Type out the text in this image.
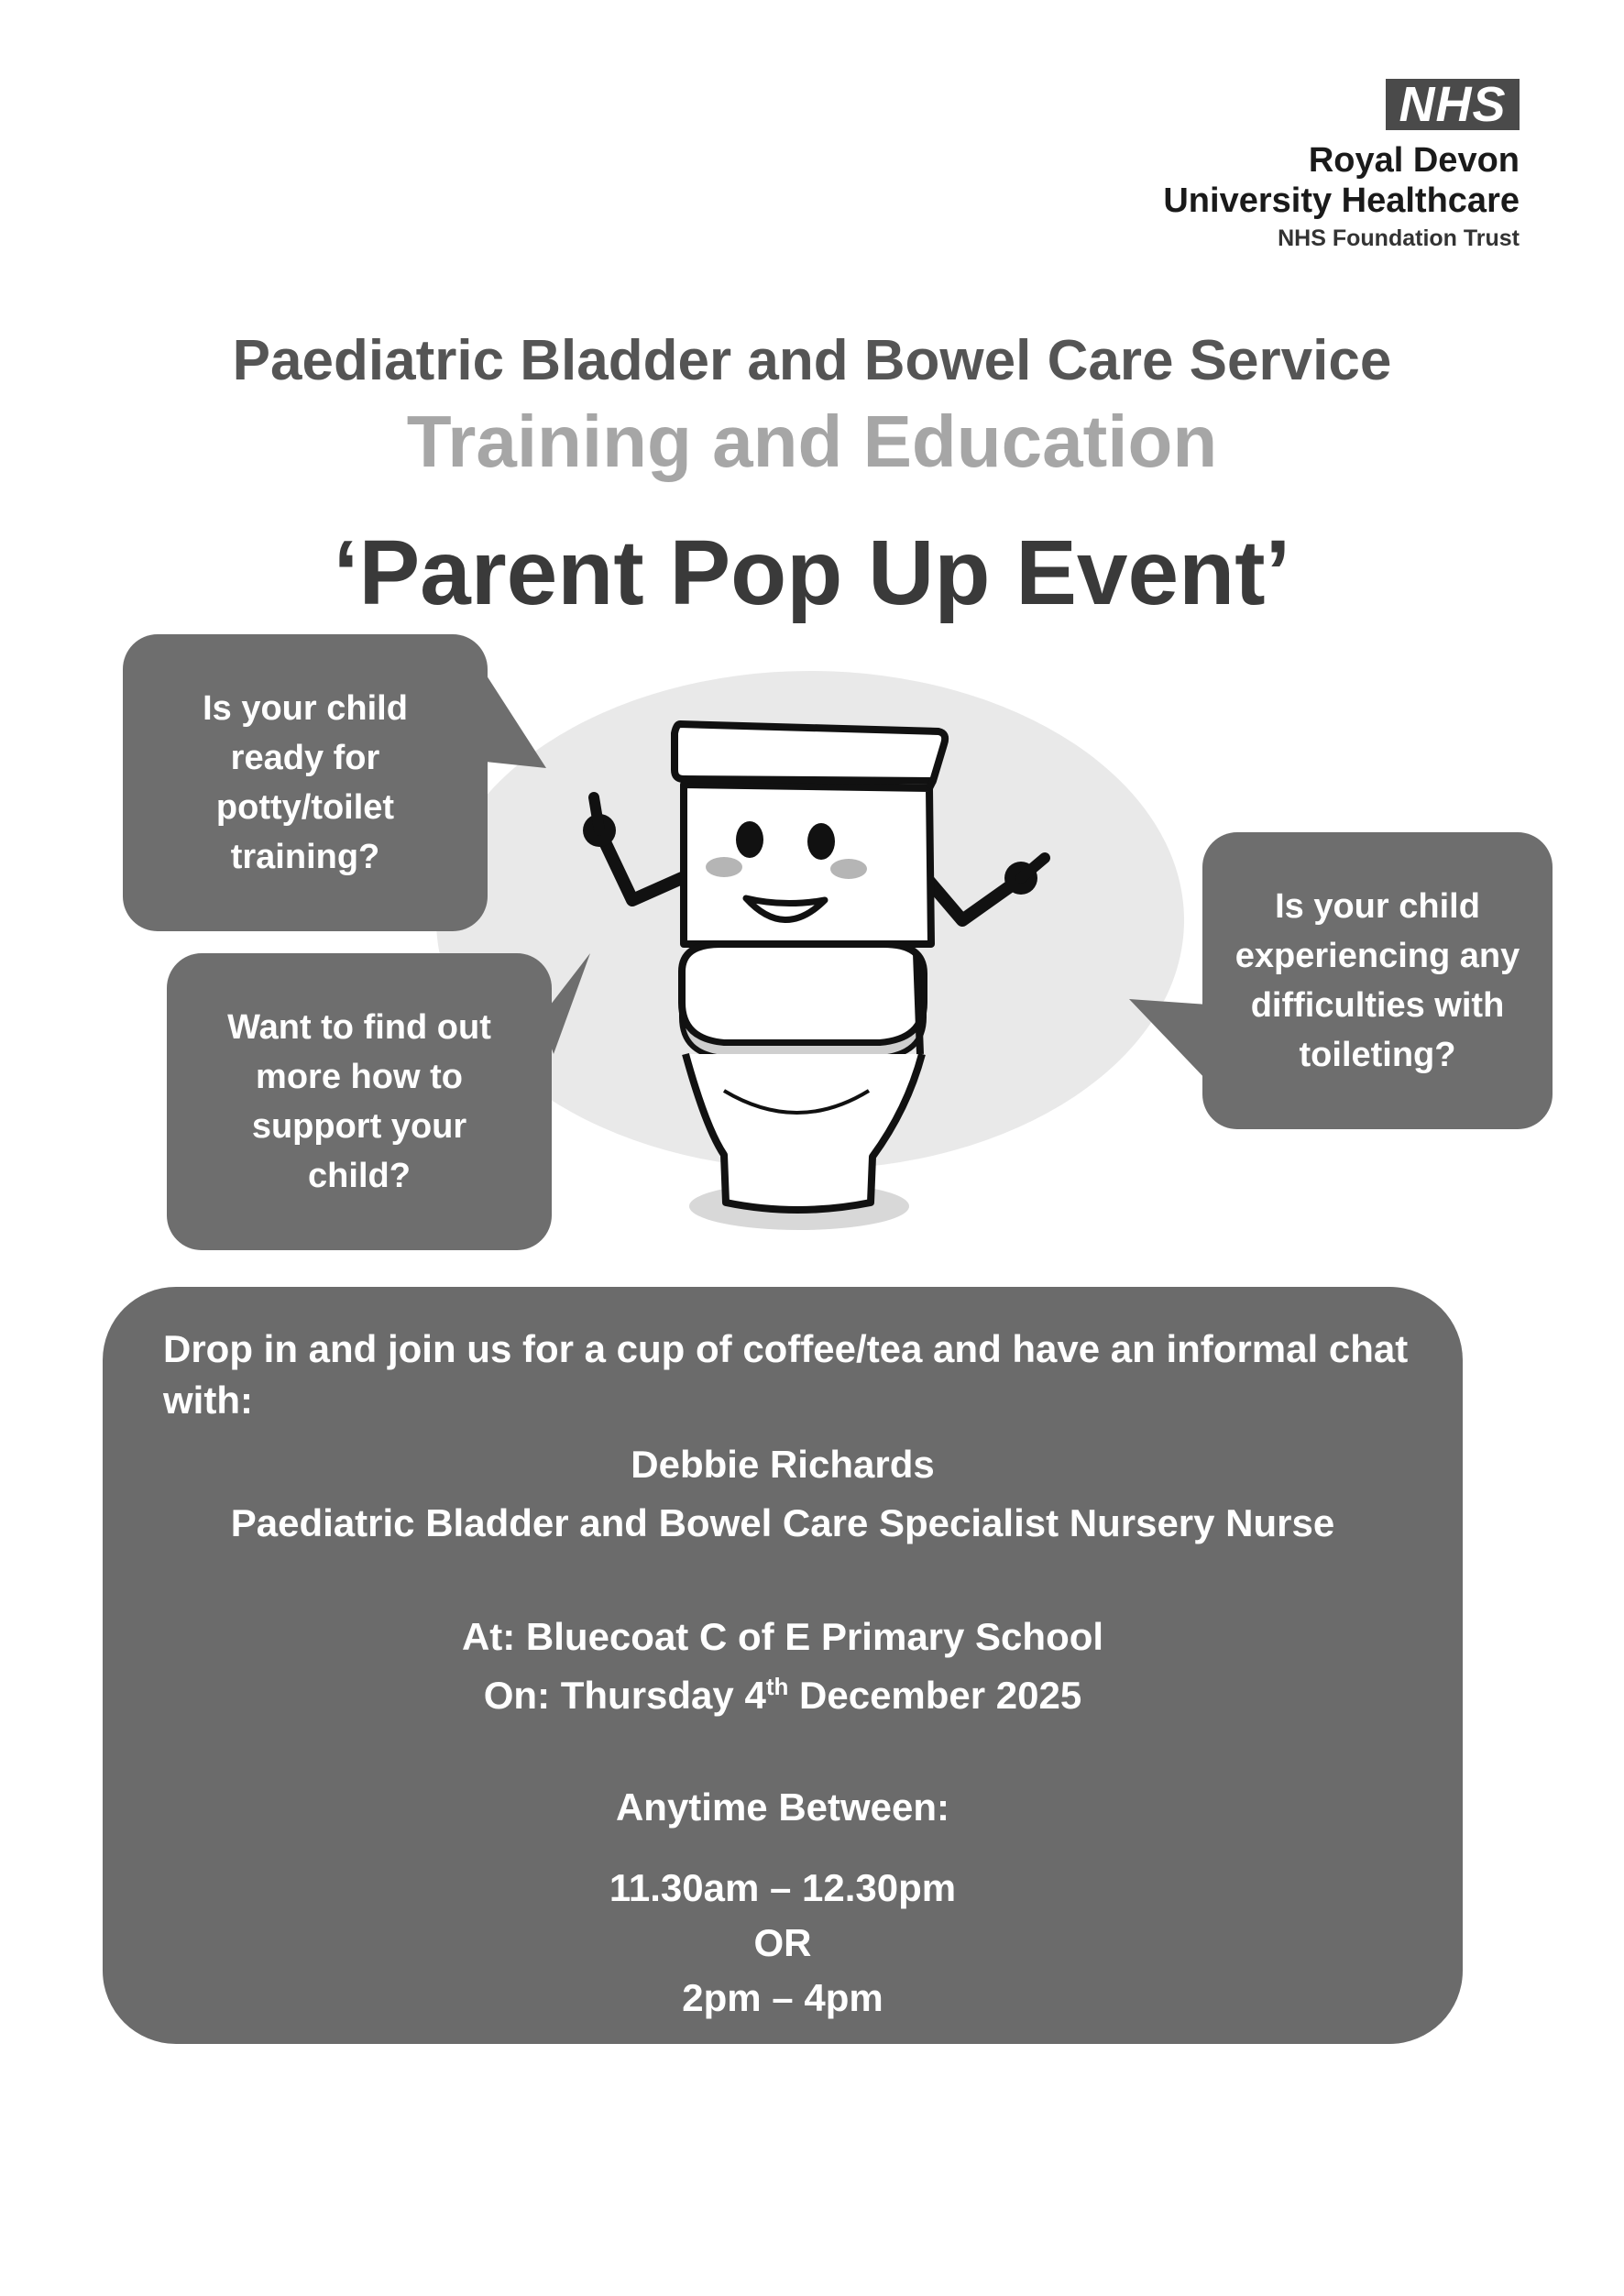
NHS
Royal Devon
University Healthcare
NHS Foundation Trust
Paediatric Bladder and Bowel Care Service
Training and Education
‘Parent Pop Up Event’
Is your child
ready for
potty/toilet
training?
Want to find out
more how to
support your
child?
Is your child
experiencing any
difficulties with
toileting?
Drop in and join us for a cup of coffee/tea and have an informal chat with:
Debbie Richards
Paediatric Bladder and Bowel Care Specialist Nursery Nurse
At: Bluecoat C of E Primary School
On: Thursday 4th December 2025
Anytime Between:
11.30am – 12.30pm
OR
2pm – 4pm
